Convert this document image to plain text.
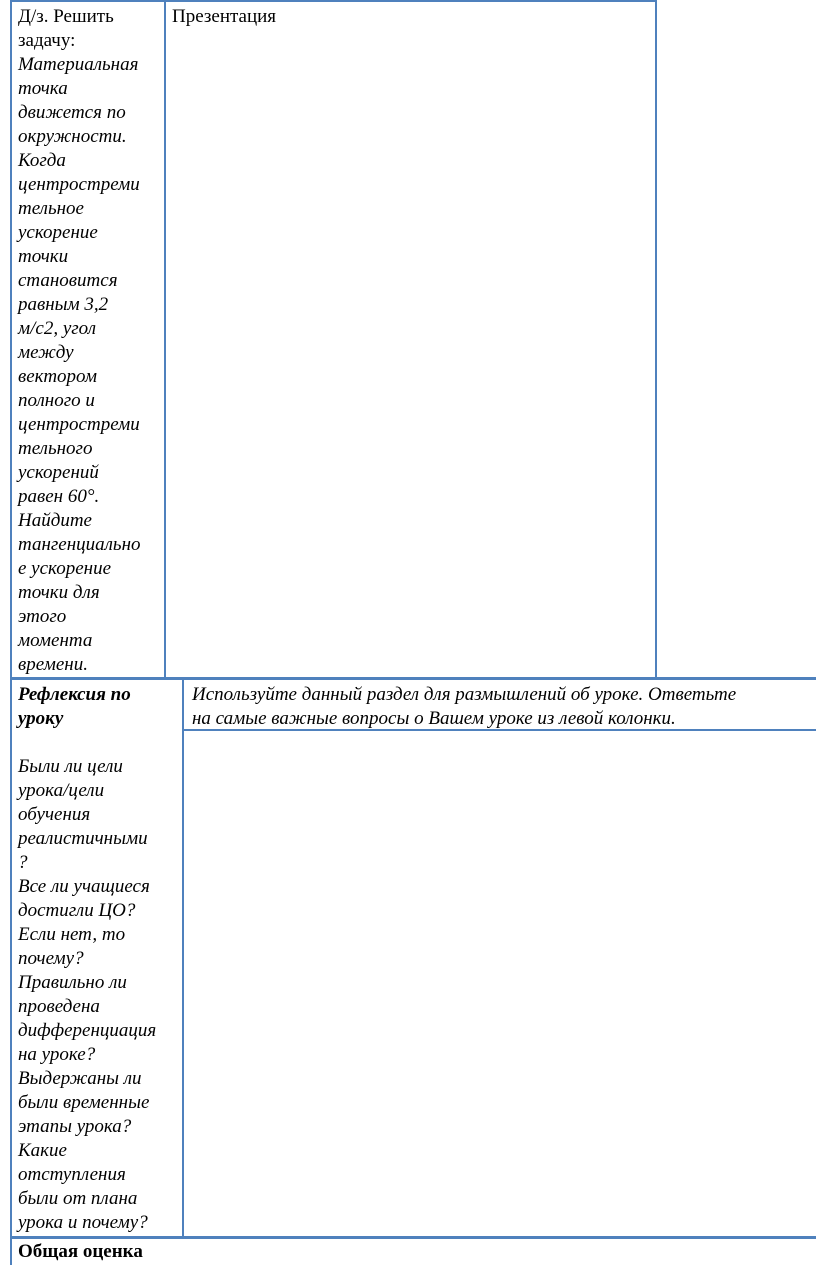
Д/з. Решить задачу:
Материальная
точка
движется по
окружности.
Когда
центростреми
тельное
ускорение
точки
становится
равным 3,2
м/с2, угол
между
вектором
полного и
центростреми
тельного
ускорений
равен 60°.
Найдите
тангенциально
е ускорение
точки для
этого
момента
времени.
Презентация
Рефлексия по
уроку
Были ли цели
урока/цели
обучения
реалистичными
?
Все ли учащиеся
достигли ЦО?
Если нет, то
почему?
Правильно ли
проведена
дифференциация
на уроке?
Выдержаны ли
были временные
этапы урока?
Какие
отступления
были от плана
урока и почему?
Используйте данный раздел для размышлений об уроке. Ответьте
на самые важные вопросы о Вашем уроке из левой колонки.
Общая оценка
